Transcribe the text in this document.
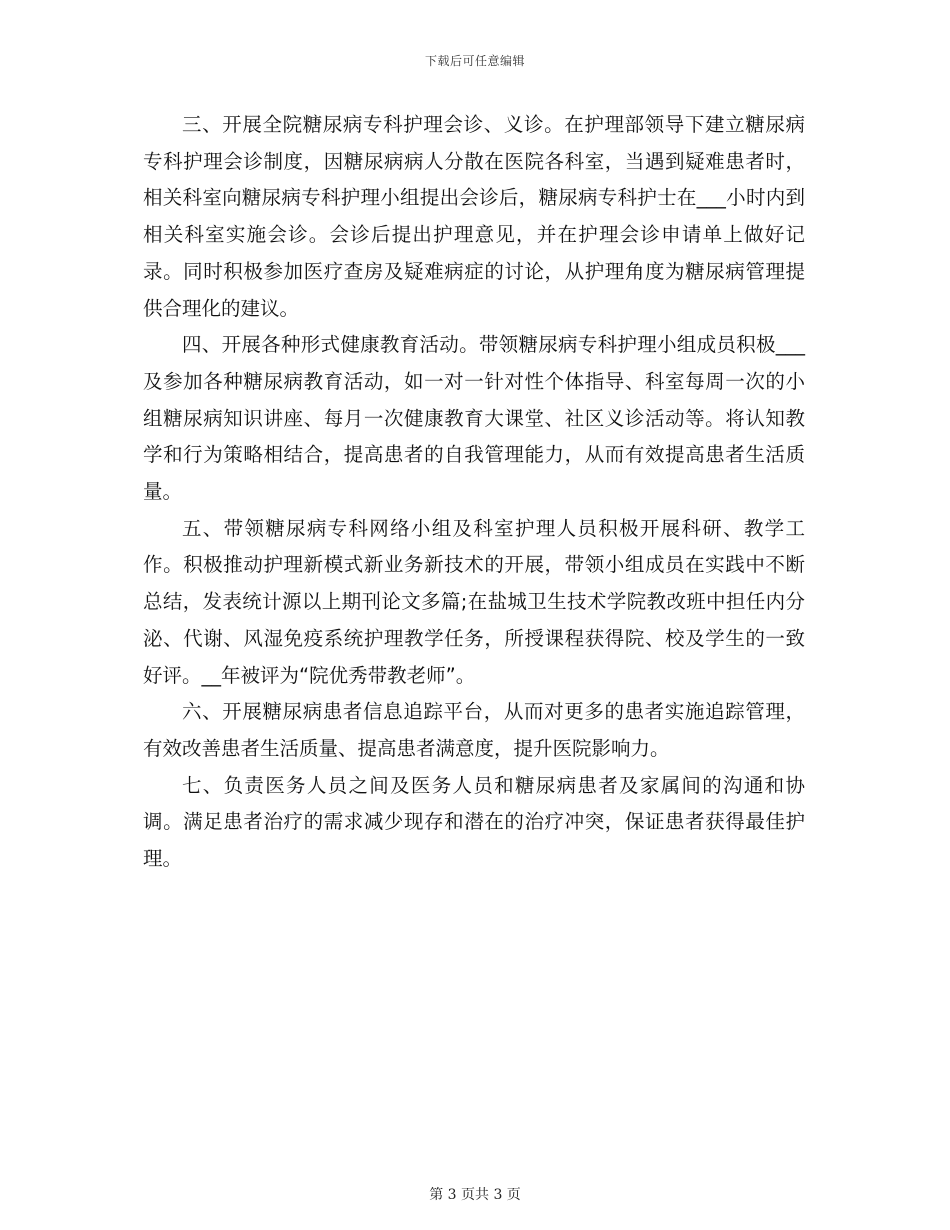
下载后可任意编辑

三、开展全院糖尿病专科护理会诊、义诊。在护理部领导下建立糖尿病专科护理会诊制度，因糖尿病病人分散在医院各科室，当遇到疑难患者时，相关科室向糖尿病专科护理小组提出会诊后，糖尿病专科护士在___小时内到相关科室实施会诊。会诊后提出护理意见，并在护理会诊申请单上做好记录。同时积极参加医疗查房及疑难病症的讨论，从护理角度为糖尿病管理提供合理化的建议。

四、开展各种形式健康教育活动。带领糖尿病专科护理小组成员积极___及参加各种糖尿病教育活动，如一对一针对性个体指导、科室每周一次的小组糖尿病知识讲座、每月一次健康教育大课堂、社区义诊活动等。将认知教学和行为策略相结合，提高患者的自我管理能力，从而有效提高患者生活质量。

五、带领糖尿病专科网络小组及科室护理人员积极开展科研、教学工作。积极推动护理新模式新业务新技术的开展，带领小组成员在实践中不断总结，发表统计源以上期刊论文多篇;在盐城卫生技术学院教改班中担任内分泌、代谢、风湿免疫系统护理教学任务，所授课程获得院、校及学生的一致好评。__年被评为“院优秀带教老师”。

六、开展糖尿病患者信息追踪平台，从而对更多的患者实施追踪管理，有效改善患者生活质量、提高患者满意度，提升医院影响力。

七、负责医务人员之间及医务人员和糖尿病患者及家属间的沟通和协调。满足患者治疗的需求减少现存和潜在的治疗冲突，保证患者获得最佳护理。

第 3 页共 3 页
